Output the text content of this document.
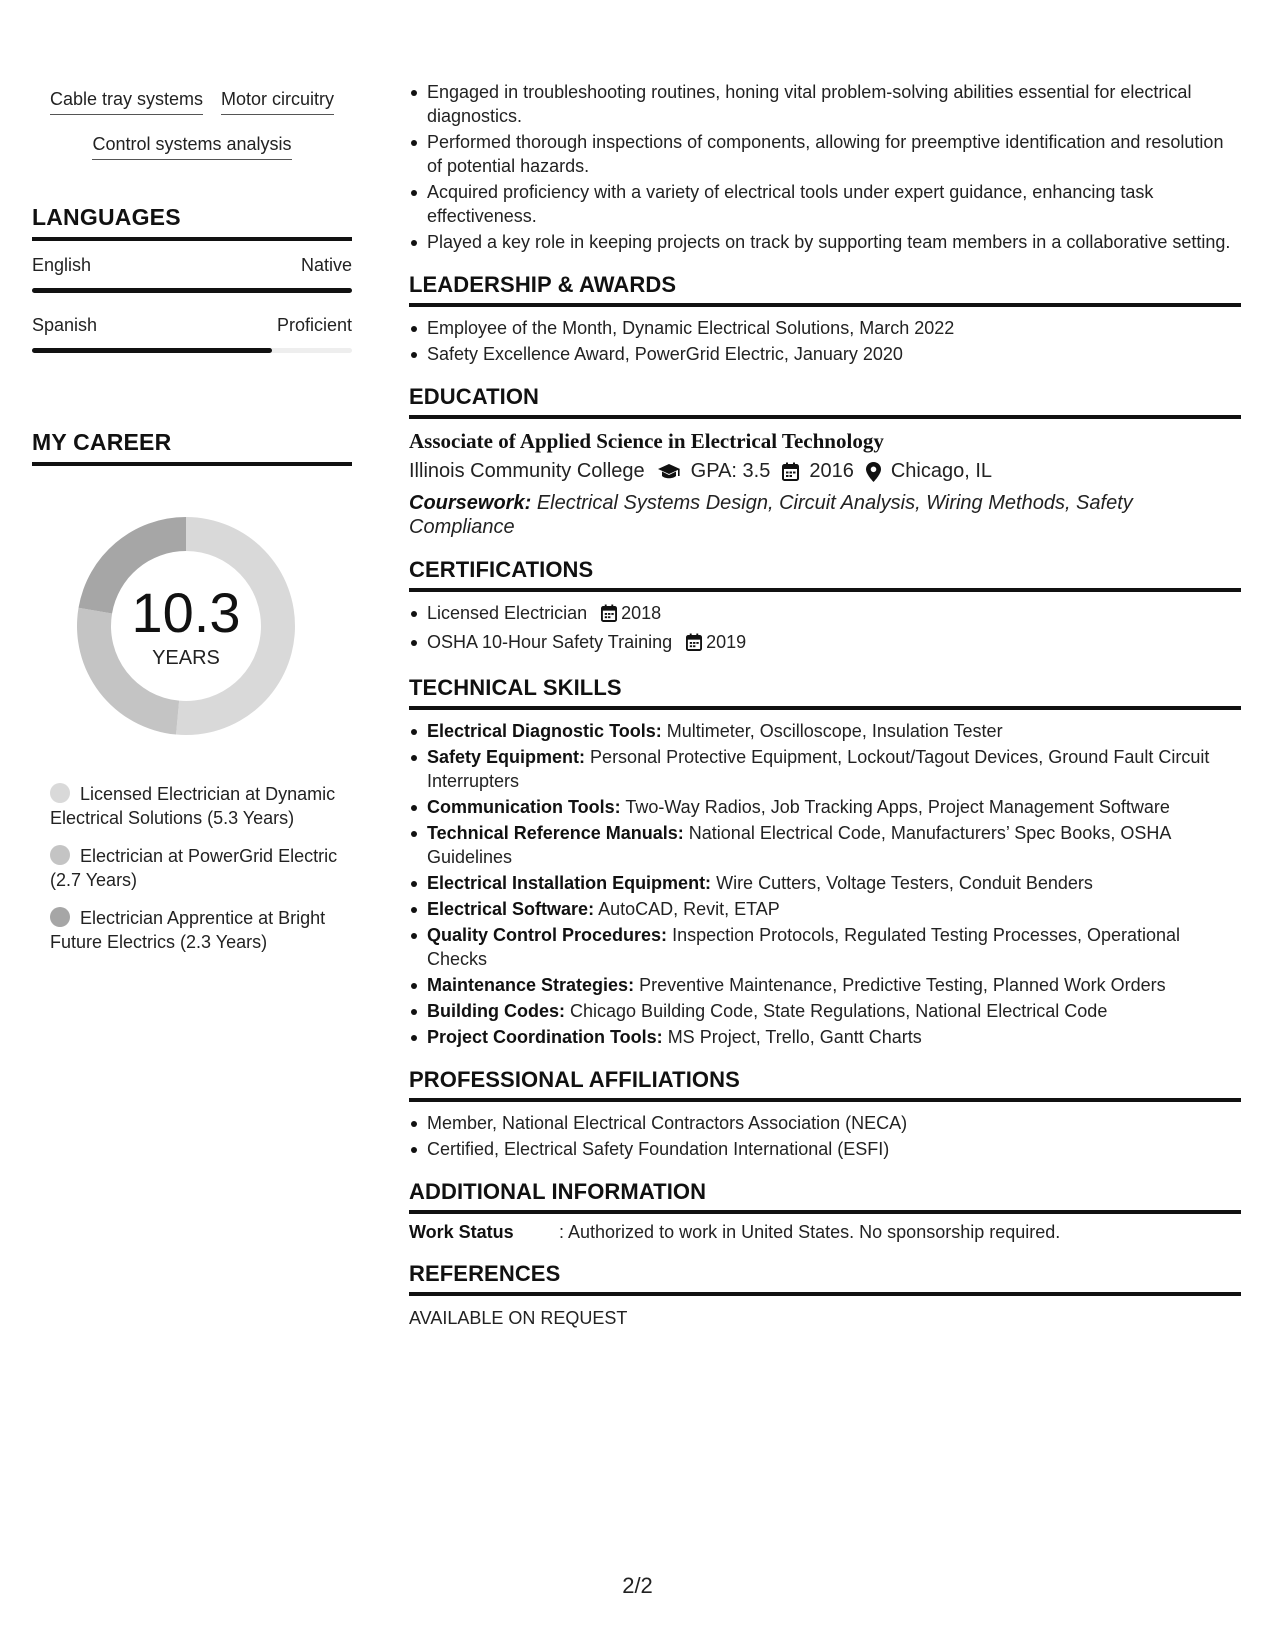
Cable tray systems Motor circuitry
Control systems analysis
LANGUAGES
English	Native
Spanish	Proficient
MY CAREER
10.3
YEARS
Licensed Electrician at Dynamic Electrical Solutions (5.3 Years)
Electrician at PowerGrid Electric (2.7 Years)
Electrician Apprentice at Bright Future Electrics (2.3 Years)
Engaged in troubleshooting routines, honing vital problem-solving abilities essential for electrical diagnostics.
Performed thorough inspections of components, allowing for preemptive identification and resolution of potential hazards.
Acquired proficiency with a variety of electrical tools under expert guidance, enhancing task effectiveness.
Played a key role in keeping projects on track by supporting team members in a collaborative setting.
LEADERSHIP & AWARDS
Employee of the Month, Dynamic Electrical Solutions, March 2022
Safety Excellence Award, PowerGrid Electric, January 2020
EDUCATION
Associate of Applied Science in Electrical Technology
Illinois Community College GPA: 3.5 2016 Chicago, IL
Coursework: Electrical Systems Design, Circuit Analysis, Wiring Methods, Safety Compliance
CERTIFICATIONS
Licensed Electrician 2018
OSHA 10-Hour Safety Training 2019
TECHNICAL SKILLS
Electrical Diagnostic Tools: Multimeter, Oscilloscope, Insulation Tester
Safety Equipment: Personal Protective Equipment, Lockout/Tagout Devices, Ground Fault Circuit Interrupters
Communication Tools: Two-Way Radios, Job Tracking Apps, Project Management Software
Technical Reference Manuals: National Electrical Code, Manufacturers’ Spec Books, OSHA Guidelines
Electrical Installation Equipment: Wire Cutters, Voltage Testers, Conduit Benders
Electrical Software: AutoCAD, Revit, ETAP
Quality Control Procedures: Inspection Protocols, Regulated Testing Processes, Operational Checks
Maintenance Strategies: Preventive Maintenance, Predictive Testing, Planned Work Orders
Building Codes: Chicago Building Code, State Regulations, National Electrical Code
Project Coordination Tools: MS Project, Trello, Gantt Charts
PROFESSIONAL AFFILIATIONS
Member, National Electrical Contractors Association (NECA)
Certified, Electrical Safety Foundation International (ESFI)
ADDITIONAL INFORMATION
Work Status	: Authorized to work in United States. No sponsorship required.
REFERENCES
AVAILABLE ON REQUEST
2/2
